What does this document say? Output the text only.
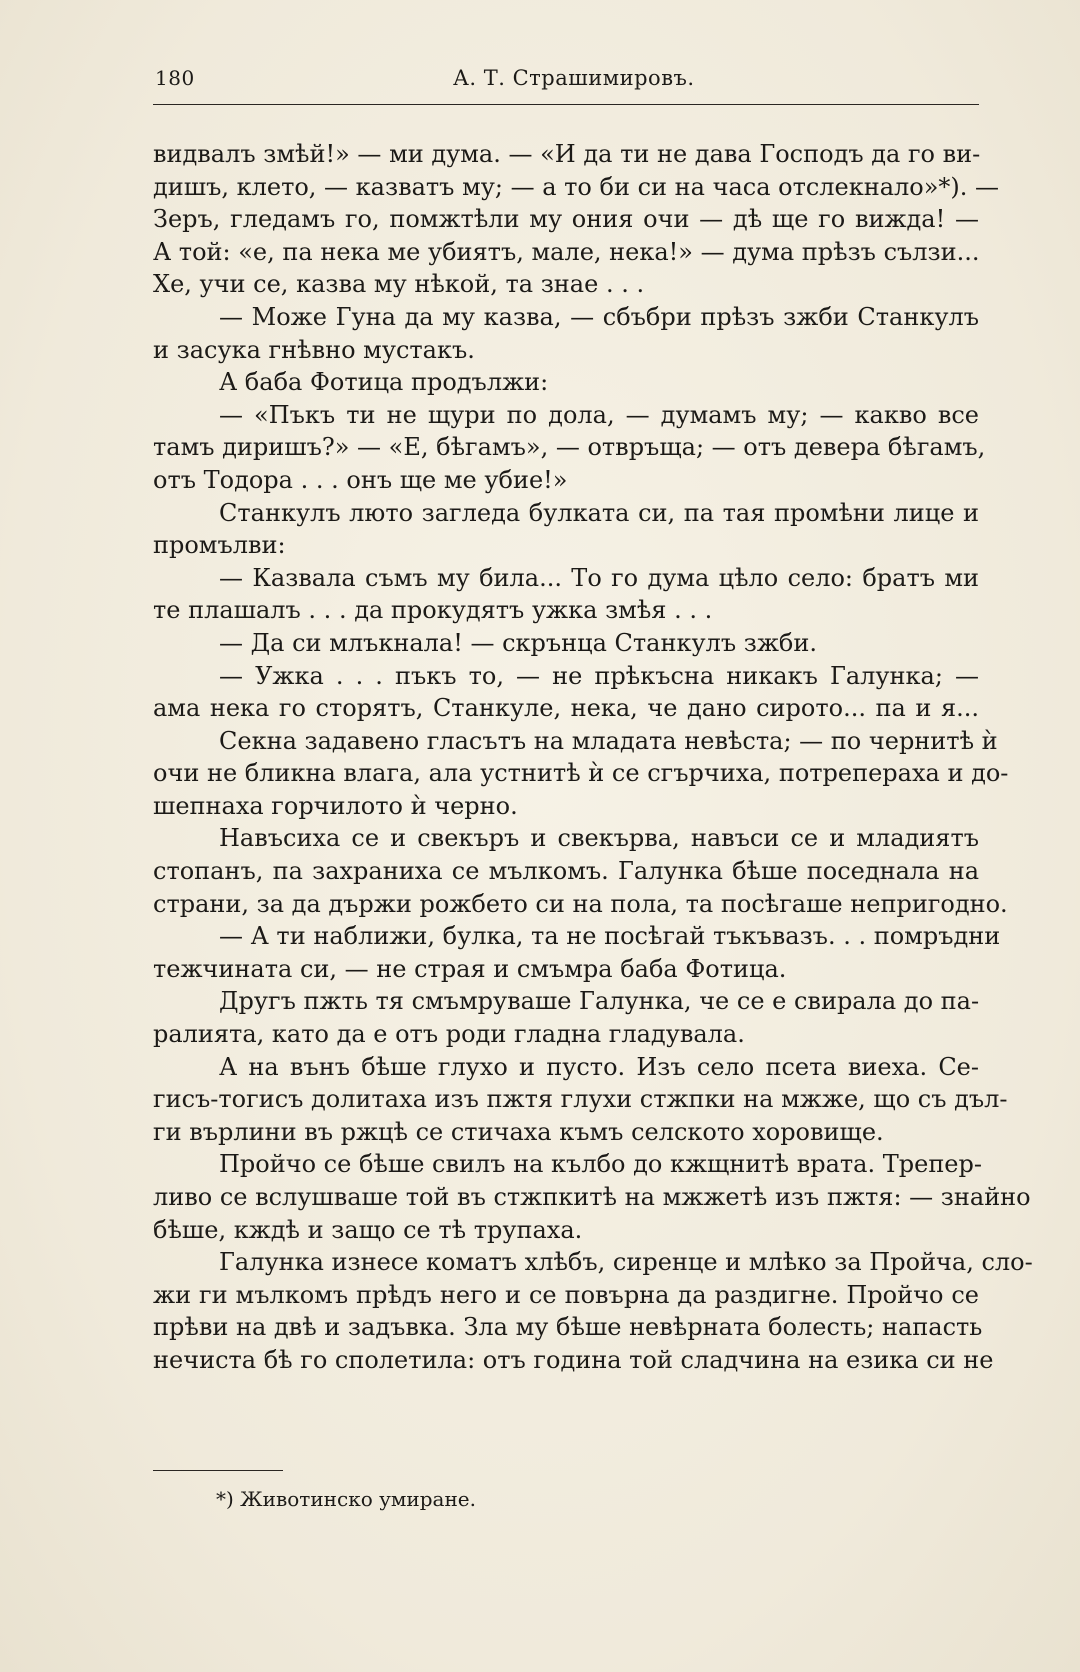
180	А. Т. Страшимировъ.
видвалъ змѣй!» — ми дума. — «И да ти не дава Господъ да го ви-
дишъ, клето, — казватъ му; — а то би си на часа отслекнало»*). —
Зеръ, гледамъ го, помжтѣли му ония очи — дѣ ще го вижда! —
А той: «е, па нека ме убиятъ, мале, нека!» — дума прѣзъ сълзи...
Хе, учи се, казва му нѣкой, та знае . . .
— Може Гуна да му казва, — сбъбри прѣзъ зжби Станкулъ
и засука гнѣвно мустакъ.
А баба Фотица продължи:
— «Пъкъ ти не щури по дола, — думамъ му; — какво все
тамъ диришъ?» — «Е, бѣгамъ», — отвръща; — отъ девера бѣгамъ,
отъ Тодора . . . онъ ще ме убие!»
Станкулъ люто загледа булката си, па тая промѣни лице и
промълви:
— Казвала съмъ му била... То го дума цѣло село: братъ ми
те плашалъ . . . да прокудятъ ужка змѣя . . .
— Да си млъкнала! — скрънца Станкулъ зжби.
— Ужка . . . пъкъ то, — не прѣкъсна никакъ Галунка; —
ама нека го сторятъ, Станкуле, нека, че дано сирото... па и я...
Секна задавено гласътъ на младата невѣста; — по чернитѣ ѝ
очи не бликна влага, ала устнитѣ ѝ се сгърчиха, потреперaха и до-
шепнаха горчилото ѝ черно.
Навъсиха се и свекъръ и свекърва, навъси се и младиятъ
стопанъ, па захраниха се мълкомъ. Галунка бѣше поседнала на
страни, за да държи рожбето си на пола, та посѣгаше непригодно.
— А ти наближи, булка, та не посѣгай тъкъвазъ. . . помръдни
тежчината си, — не страя и смъмра баба Фотица.
Другъ пжть тя смъмруваше Галунка, че се е свирала до па-
ралията, като да е отъ роди гладна гладувала.
А на вънъ бѣше глухо и пусто. Изъ село псета виеха. Се-
гисъ-тогисъ долитаха изъ пжтя глухи стжпки на мжже, що съ дъл-
ги върлини въ ржцѣ се стичаха къмъ селското хоровище.
Пройчо се бѣше свилъ на кълбо до кжщнитѣ врата. Трепер-
ливо се вслушваше той въ стжпкитѣ на мжжетѣ изъ пжтя: — знайно
бѣше, кждѣ и защо се тѣ трупаха.
Галунка изнесе коматъ хлѣбъ, сиренце и млѣко за Пройча, сло-
жи ги мълкомъ прѣдъ него и се повърна да раздигне. Пройчо се
прѣви на двѣ и задъвка. Зла му бѣше невѣрната болесть; напасть
нечиста бѣ го сполетила: отъ година той сладчина на езика си не
*) Животинско умиране.
